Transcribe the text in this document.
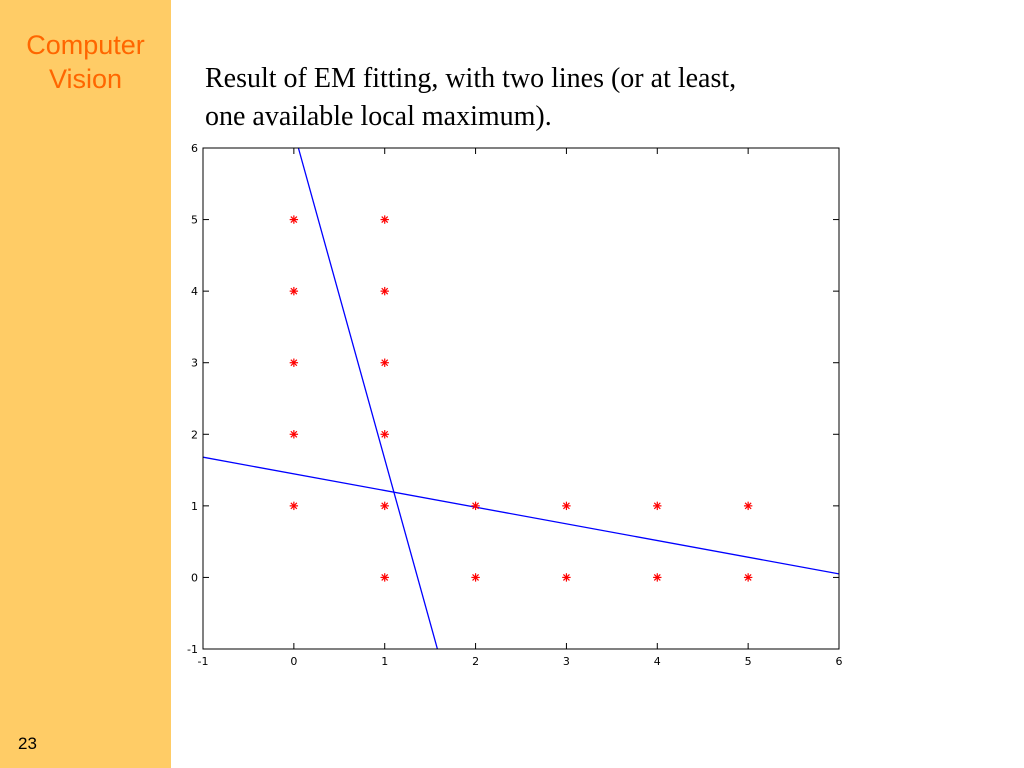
Computer
Vision
23
Result of EM fitting, with two lines (or at least,
one available local maximum).
-1	0	1	2	3	4	5	6
-1
0
1
2
3
4
5
6
